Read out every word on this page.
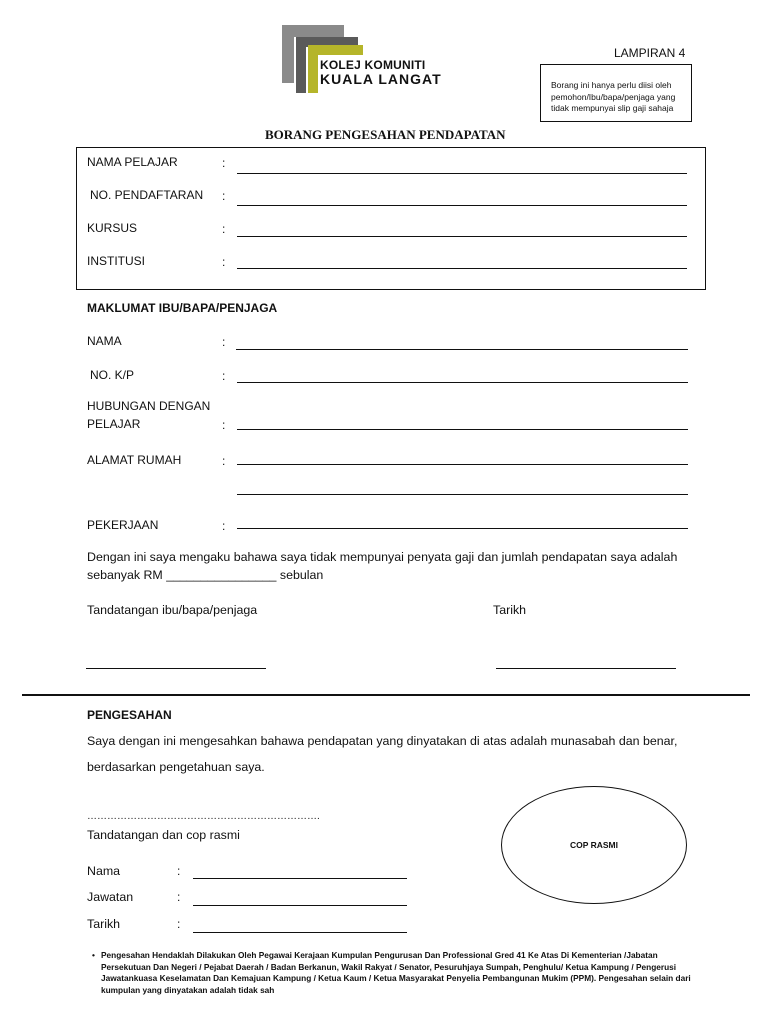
KOLEJ KOMUNITI
KUALA LANGAT
LAMPIRAN 4
Borang ini hanya perlu diisi oleh pemohon/Ibu/bapa/penjaga yang tidak mempunyai slip gaji sahaja
BORANG PENGESAHAN PENDAPATAN
NAMA PELAJAR	:
NO. PENDAFTARAN :
KURSUS	:
INSTITUSI	:
MAKLUMAT IBU/BAPA/PENJAGA
NAMA	:
NO. K/P	:
HUBUNGAN DENGAN
PELAJAR	:
ALAMAT RUMAH	:
PEKERJAAN	:
Dengan ini saya mengaku bahawa saya tidak mempunyai penyata gaji dan jumlah pendapatan saya adalah
sebanyak RM ________________ sebulan
Tandatangan ibu/bapa/penjaga	Tarikh
PENGESAHAN
Saya dengan ini mengesahkan bahawa pendapatan yang dinyatakan di atas adalah munasabah dan benar,
berdasarkan pengetahuan saya.
…………………………………………………………….
Tandatangan dan cop rasmi
Nama	:
Jawatan	:
Tarikh	:
COP RASMI
• Pengesahan Hendaklah Dilakukan Oleh Pegawai Kerajaan Kumpulan Pengurusan Dan Professional Gred 41 Ke Atas Di Kementerian /Jabatan Persekutuan Dan Negeri / Pejabat Daerah / Badan Berkanun, Wakil Rakyat / Senator, Pesuruhjaya Sumpah, Penghulu/ Ketua Kampung / Pengerusi Jawatankuasa Keselamatan Dan Kemajuan Kampung / Ketua Kaum / Ketua Masyarakat Penyelia Pembangunan Mukim (PPM). Pengesahan selain dari kumpulan yang dinyatakan adalah tidak sah
